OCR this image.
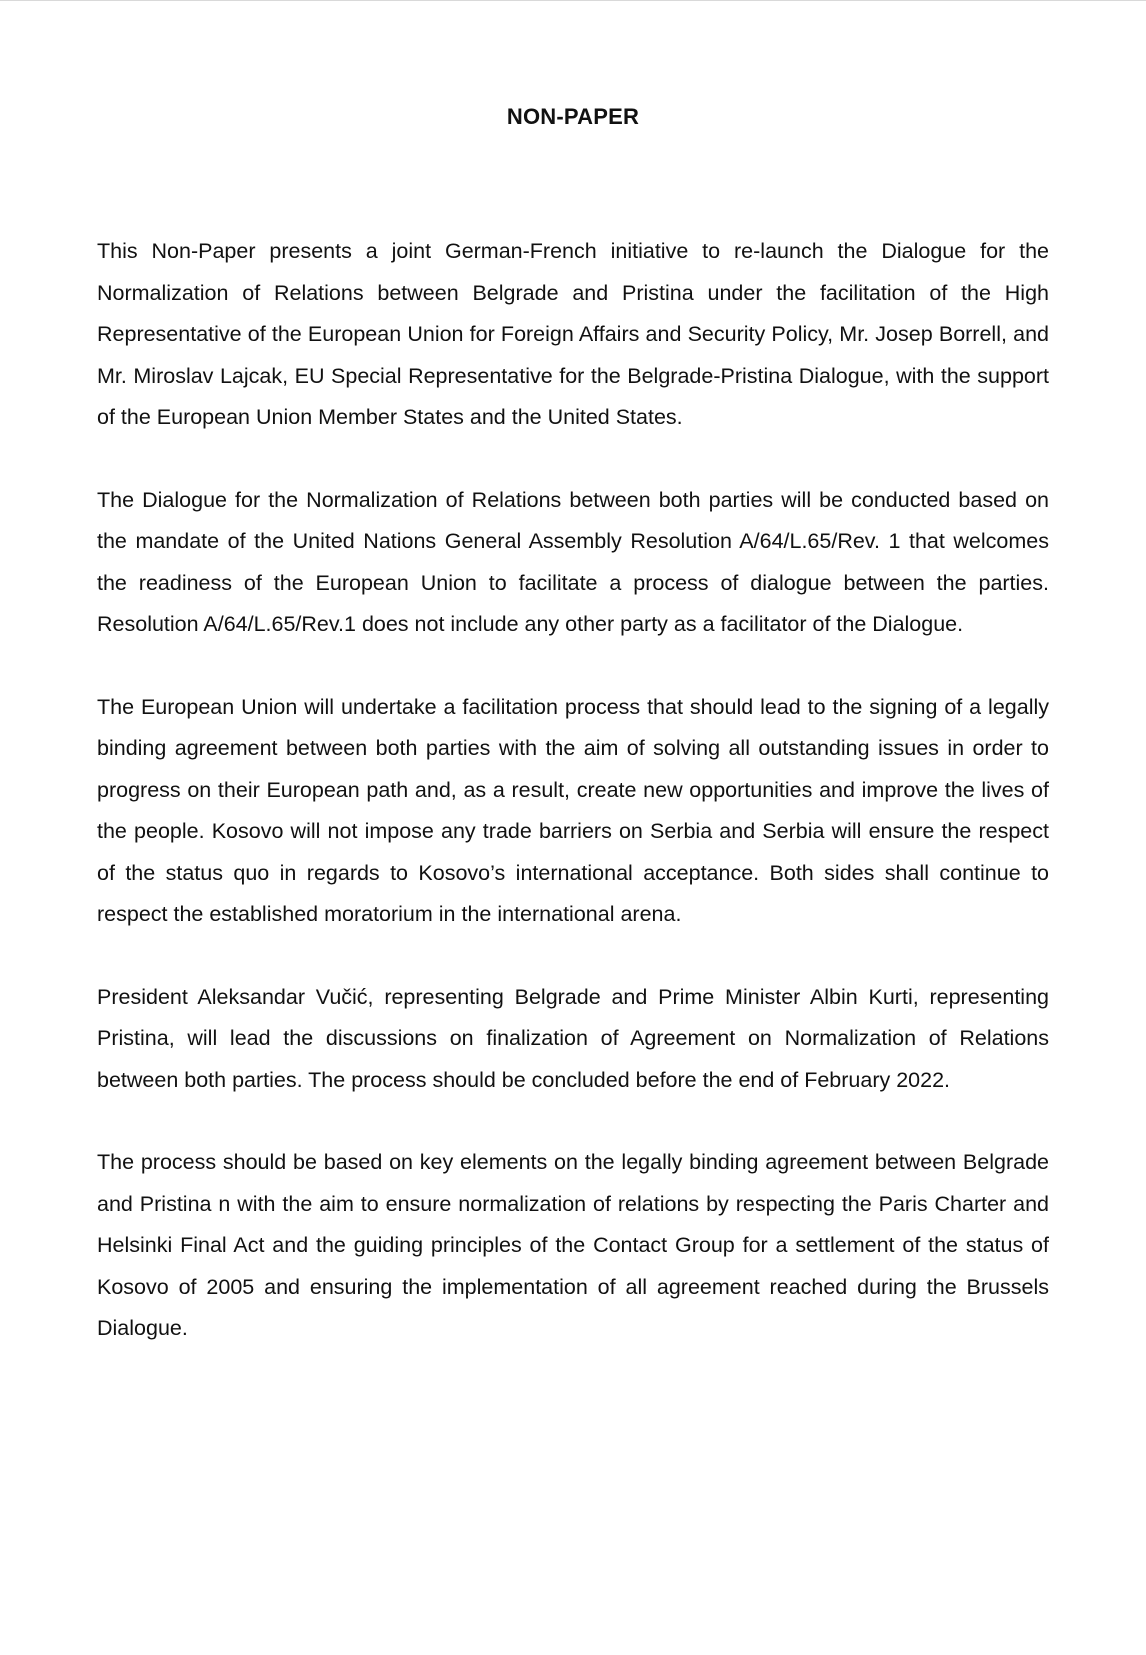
NON-PAPER

This Non-Paper presents a joint German-French initiative to re-launch the Dialogue for the Normalization of Relations between Belgrade and Pristina under the facilitation of the High Representative of the European Union for Foreign Affairs and Security Policy, Mr. Josep Borrell, and Mr. Miroslav Lajcak, EU Special Representative for the Belgrade-Pristina Dialogue, with the support of the European Union Member States and the United States.

The Dialogue for the Normalization of Relations between both parties will be conducted based on the mandate of the United Nations General Assembly Resolution A/64/L.65/Rev. 1 that welcomes the readiness of the European Union to facilitate a process of dialogue between the parties. Resolution A/64/L.65/Rev.1 does not include any other party as a facilitator of the Dialogue.

The European Union will undertake a facilitation process that should lead to the signing of a legally binding agreement between both parties with the aim of solving all outstanding issues in order to progress on their European path and, as a result, create new opportunities and improve the lives of the people. Kosovo will not impose any trade barriers on Serbia and Serbia will ensure the respect of the status quo in regards to Kosovo’s international acceptance. Both sides shall continue to respect the established moratorium in the international arena.

President Aleksandar Vučić, representing Belgrade and Prime Minister Albin Kurti, representing Pristina, will lead the discussions on finalization of Agreement on Normalization of Relations between both parties. The process should be concluded before the end of February 2022.

The process should be based on key elements on the legally binding agreement between Belgrade and Pristina n with the aim to ensure normalization of relations by respecting the Paris Charter and Helsinki Final Act and the guiding principles of the Contact Group for a settlement of the status of Kosovo of 2005 and ensuring the implementation of all agreement reached during the Brussels Dialogue.
